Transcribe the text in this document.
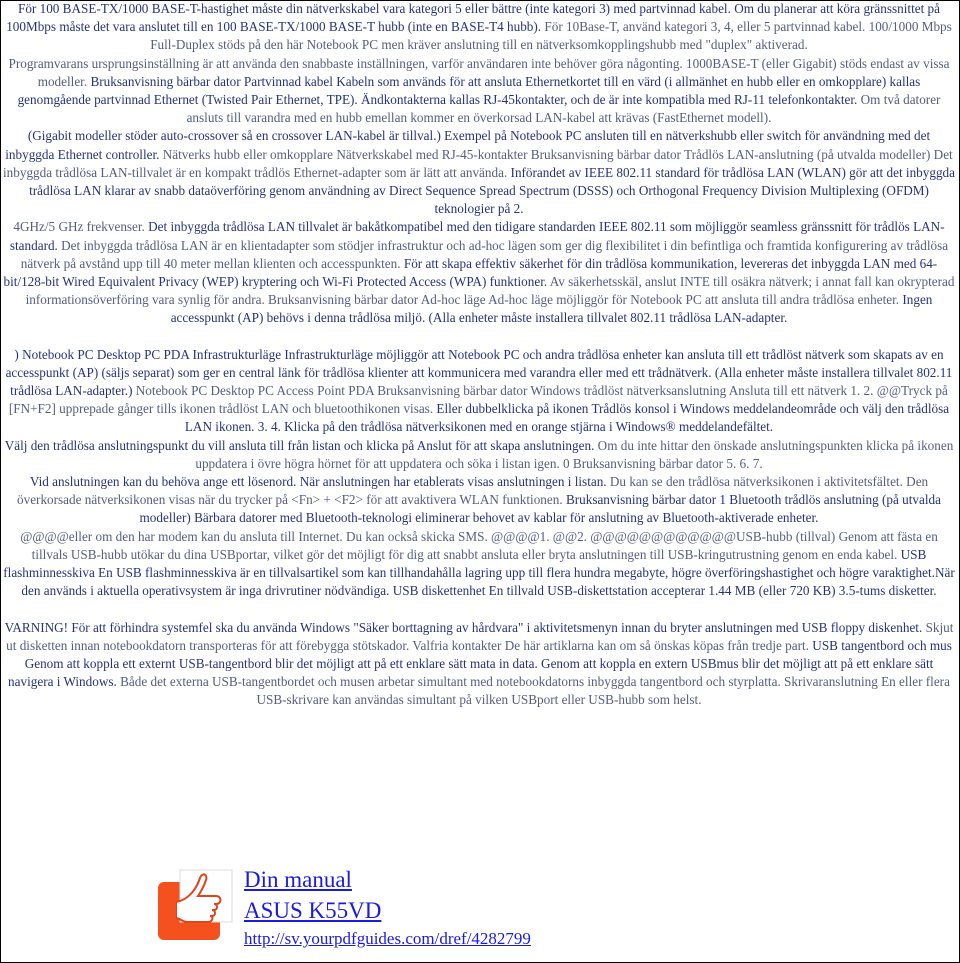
För 100 BASE-TX/1000 BASE-T-hastighet måste din nätverkskabel vara kategori 5 eller bättre (inte kategori 3) med partvinnad kabel. Om du planerar att köra gränssnittet på 100Mbps måste det vara anslutet till en 100 BASE-TX/1000 BASE-T hubb (inte en BASE-T4 hubb). För 10Base-T, använd kategori 3, 4, eller 5 partvinnad kabel. 100/1000 Mbps Full-Duplex stöds på den här Notebook PC men kräver anslutning till en nätverksomkopplingshubb med "duplex" aktiverad.

Programvarans ursprungsinställning är att använda den snabbaste inställningen, varför användaren inte behöver göra någonting. 1000BASE-T (eller Gigabit) stöds endast av vissa modeller. Bruksanvisning bärbar dator Partvinnad kabel Kabeln som används för att ansluta Ethernetkortet till en värd (i allmänhet en hubb eller en omkopplare) kallas genomgående partvinnad Ethernet (Twisted Pair Ethernet, TPE). Ändkontakterna kallas RJ-45kontakter, och de är inte kompatibla med RJ-11 telefonkontakter. Om två datorer ansluts till varandra med en hubb emellan kommer en överkorsad LAN-kabel att krävas (FastEthernet modell).

(Gigabit modeller stöder auto-crossover så en crossover LAN-kabel är tillval.) Exempel på Notebook PC ansluten till en nätverkshubb eller switch för användning med det inbyggda Ethernet controller. Nätverks hubb eller omkopplare Nätverkskabel med RJ-45-kontakter Bruksanvisning bärbar dator Trådlös LAN-anslutning (på utvalda modeller) Det inbyggda trådlösa LAN-tillvalet är en kompakt trådlös Ethernet-adapter som är lätt att använda. Införandet av IEEE 802.11 standard för trådlösa LAN (WLAN) gör att det inbyggda trådlösa LAN klarar av snabb dataöverföring genom användning av Direct Sequence Spread Spectrum (DSSS) och Orthogonal Frequency Division Multiplexing (OFDM) teknologier på 2.

4GHz/5 GHz frekvenser. Det inbyggda trådlösa LAN tillvalet är bakåtkompatibel med den tidigare standarden IEEE 802.11 som möjliggör seamless gränssnitt för trådlös LAN-standard. Det inbyggda trådlösa LAN är en klientadapter som stödjer infrastruktur och ad-hoc lägen som ger dig flexibilitet i din befintliga och framtida konfigurering av trådlösa nätverk på avstånd upp till 40 meter mellan klienten och accesspunkten. För att skapa effektiv säkerhet för din trådlösa kommunikation, levereras det inbyggda LAN med 64-bit/128-bit Wired Equivalent Privacy (WEP) kryptering och Wi-Fi Protected Access (WPA) funktioner. Av säkerhetsskäl, anslut INTE till osäkra nätverk; i annat fall kan okrypterad informationsöverföring vara synlig för andra. Bruksanvisning bärbar dator Ad-hoc läge Ad-hoc läge möjliggör för Notebook PC att ansluta till andra trådlösa enheter. Ingen accesspunkt (AP) behövs i denna trådlösa miljö. (Alla enheter måste installera tillvalet 802.11 trådlösa LAN-adapter.

) Notebook PC Desktop PC PDA Infrastrukturläge Infrastrukturläge möjliggör att Notebook PC och andra trådlösa enheter kan ansluta till ett trådlöst nätverk som skapats av en accesspunkt (AP) (säljs separat) som ger en central länk för trådlösa klienter att kommunicera med varandra eller med ett trådnätverk. (Alla enheter måste installera tillvalet 802.11 trådlösa LAN-adapter.) Notebook PC Desktop PC Access Point PDA Bruksanvisning bärbar dator Windows trådlöst nätverksanslutning Ansluta till ett nätverk 1. 2. @@Tryck på [FN+F2] upprepade gånger tills ikonen trådlöst LAN och bluetoothikonen visas. Eller dubbelklicka på ikonen Trådlös konsol i Windows meddelandeområde och välj den trådlösa LAN ikonen. 3. 4. Klicka på den trådlösa nätverksikonen med en orange stjärna i Windows® meddelandefältet.

Välj den trådlösa anslutningspunkt du vill ansluta till från listan och klicka på Anslut för att skapa anslutningen. Om du inte hittar den önskade anslutningspunkten klicka på ikonen uppdatera i övre högra hörnet för att uppdatera och söka i listan igen. 0 Bruksanvisning bärbar dator 5. 6. 7.

Vid anslutningen kan du behöva ange ett lösenord. När anslutningen har etablerats visas anslutningen i listan. Du kan se den trådlösa nätverksikonen i aktivitetsfältet. Den överkorsade nätverksikonen visas när du trycker på <Fn> + <F2> för att avaktivera WLAN funktionen. Bruksanvisning bärbar dator 1 Bluetooth trådlös anslutning (på utvalda modeller) Bärbara datorer med Bluetooth-teknologi eliminerar behovet av kablar för anslutning av Bluetooth-aktiverade enheter.

@@@@eller om den har modem kan du ansluta till Internet. Du kan också skicka SMS. @@@@1. @@2. @@@@@@@@@@@@USB-hubb (tillval) Genom att fästa en tillvals USB-hubb utökar du dina USBportar, vilket gör det möjligt för dig att snabbt ansluta eller bryta anslutningen till USB-kringutrustning genom en enda kabel. USB flashminnesskiva En USB flashminnesskiva är en tillvalsartikel som kan tillhandahålla lagring upp till flera hundra megabyte, högre överföringshastighet och högre varaktighet.När den används i aktuella operativsystem är inga drivrutiner nödvändiga. USB diskettenhet En tillvald USB-diskettstation accepterar 1.44 MB (eller 720 KB) 3.5-tums disketter.

VARNING! För att förhindra systemfel ska du använda Windows "Säker borttagning av hårdvara" i aktivitetsmenyn innan du bryter anslutningen med USB floppy diskenhet. Skjut ut disketten innan notebookdatorn transporteras för att förebygga stötskador. Valfria kontakter De här artiklarna kan om så önskas köpas från tredje part. USB tangentbord och mus Genom att koppla ett externt USB-tangentbord blir det möjligt att på ett enklare sätt mata in data. Genom att koppla en extern USBmus blir det möjligt att på ett enklare sätt navigera i Windows. Både det externa USB-tangentbordet och musen arbetar simultant med notebookdatorns inbyggda tangentbord och styrplatta. Skrivaranslutning En eller flera USB-skrivare kan användas simultant på vilken USBport eller USB-hubb som helst.

Din manual
ASUS K55VD
http://sv.yourpdfguides.com/dref/4282799
